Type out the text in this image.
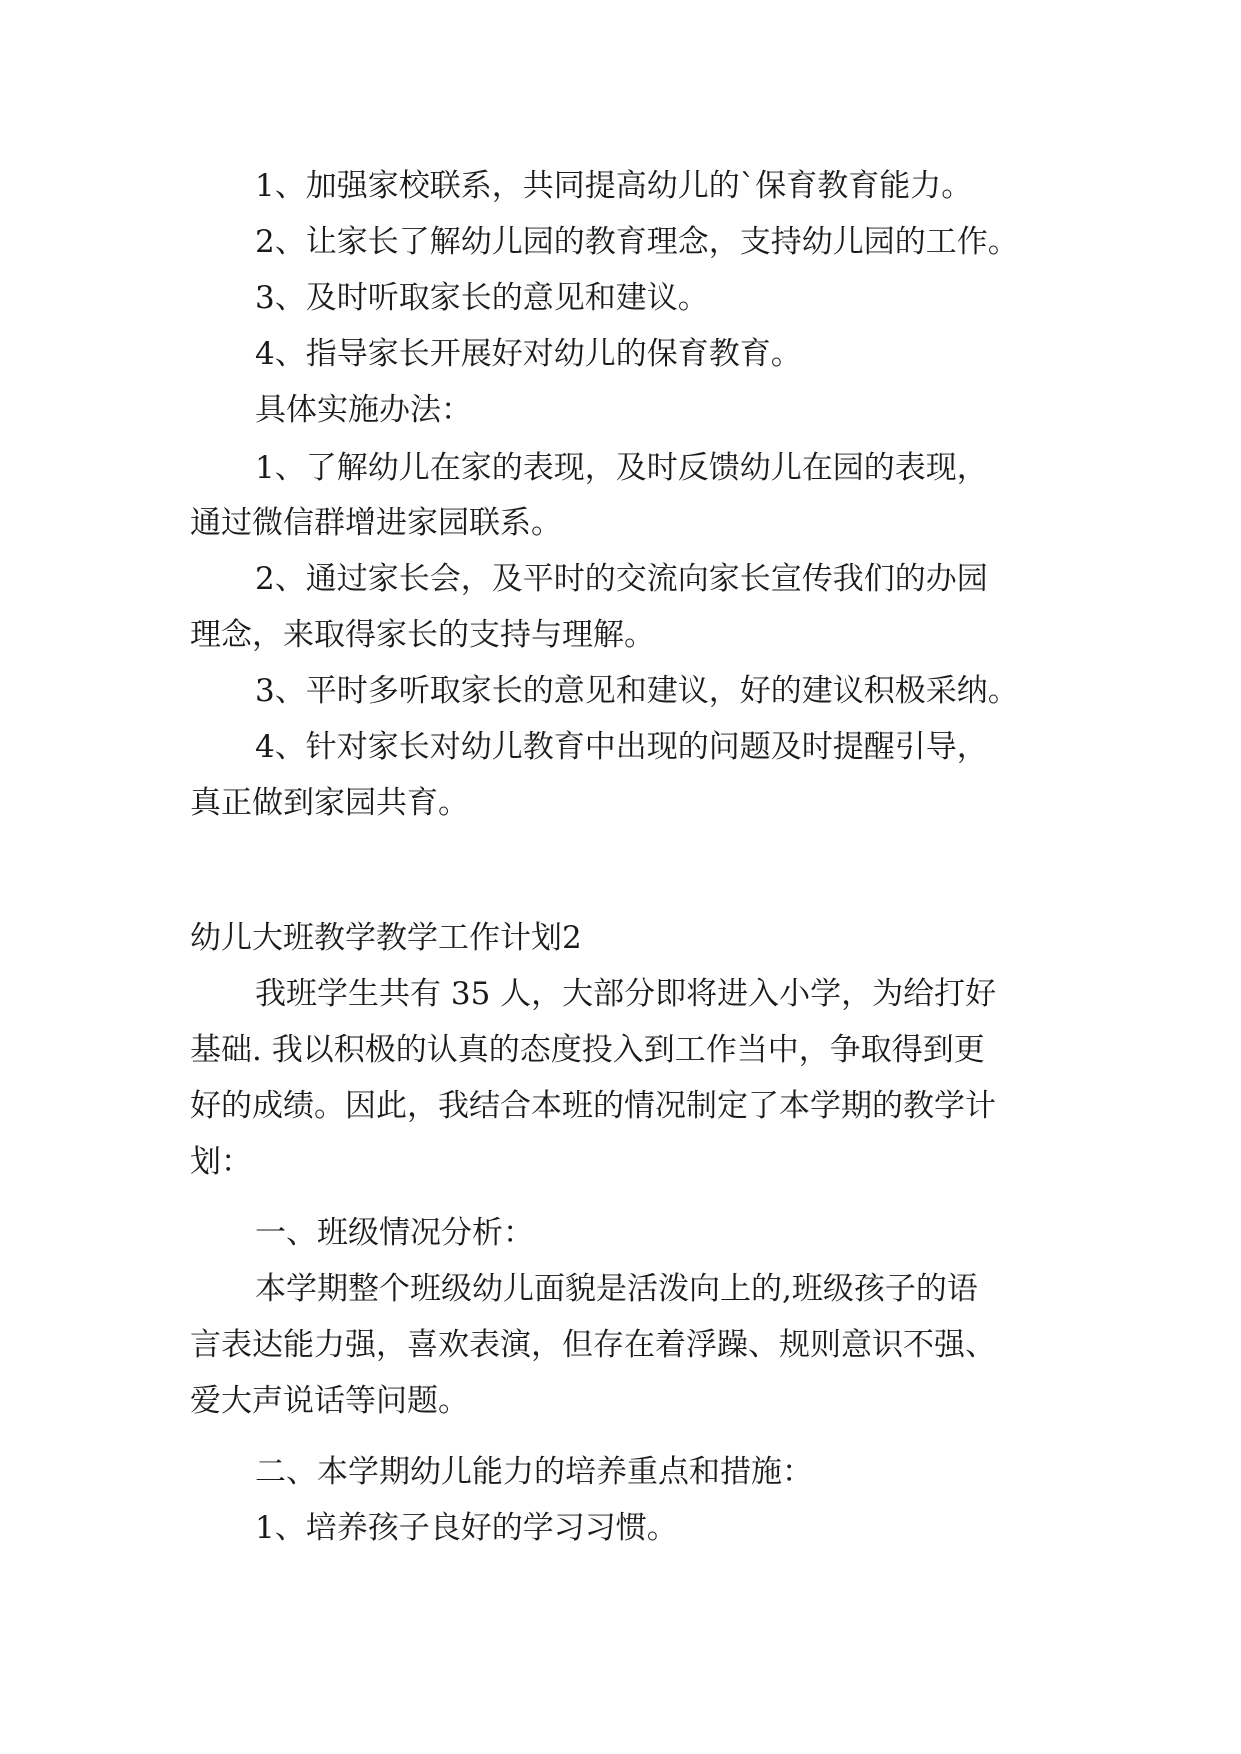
1、加强家校联系，共同提高幼儿的`保育教育能力。
2、让家长了解幼儿园的教育理念，支持幼儿园的工作。
3、及时听取家长的意见和建议。
4、指导家长开展好对幼儿的保育教育。
具体实施办法：
1、了解幼儿在家的表现，及时反馈幼儿在园的表现，
通过微信群增进家园联系。
2、通过家长会，及平时的交流向家长宣传我们的办园
理念，来取得家长的支持与理解。
3、平时多听取家长的意见和建议，好的建议积极采纳。
4、针对家长对幼儿教育中出现的问题及时提醒引导，
真正做到家园共育。
幼儿大班教学教学工作计划2
我班学生共有 35 人，大部分即将进入小学，为给打好
基础. 我以积极的认真的态度投入到工作当中，争取得到更
好的成绩。因此，我结合本班的情况制定了本学期的教学计
划：
一、班级情况分析：
本学期整个班级幼儿面貌是活泼向上的,班级孩子的语
言表达能力强，喜欢表演，但存在着浮躁、规则意识不强、
爱大声说话等问题。
二、本学期幼儿能力的培养重点和措施：
1、培养孩子良好的学习习惯。
